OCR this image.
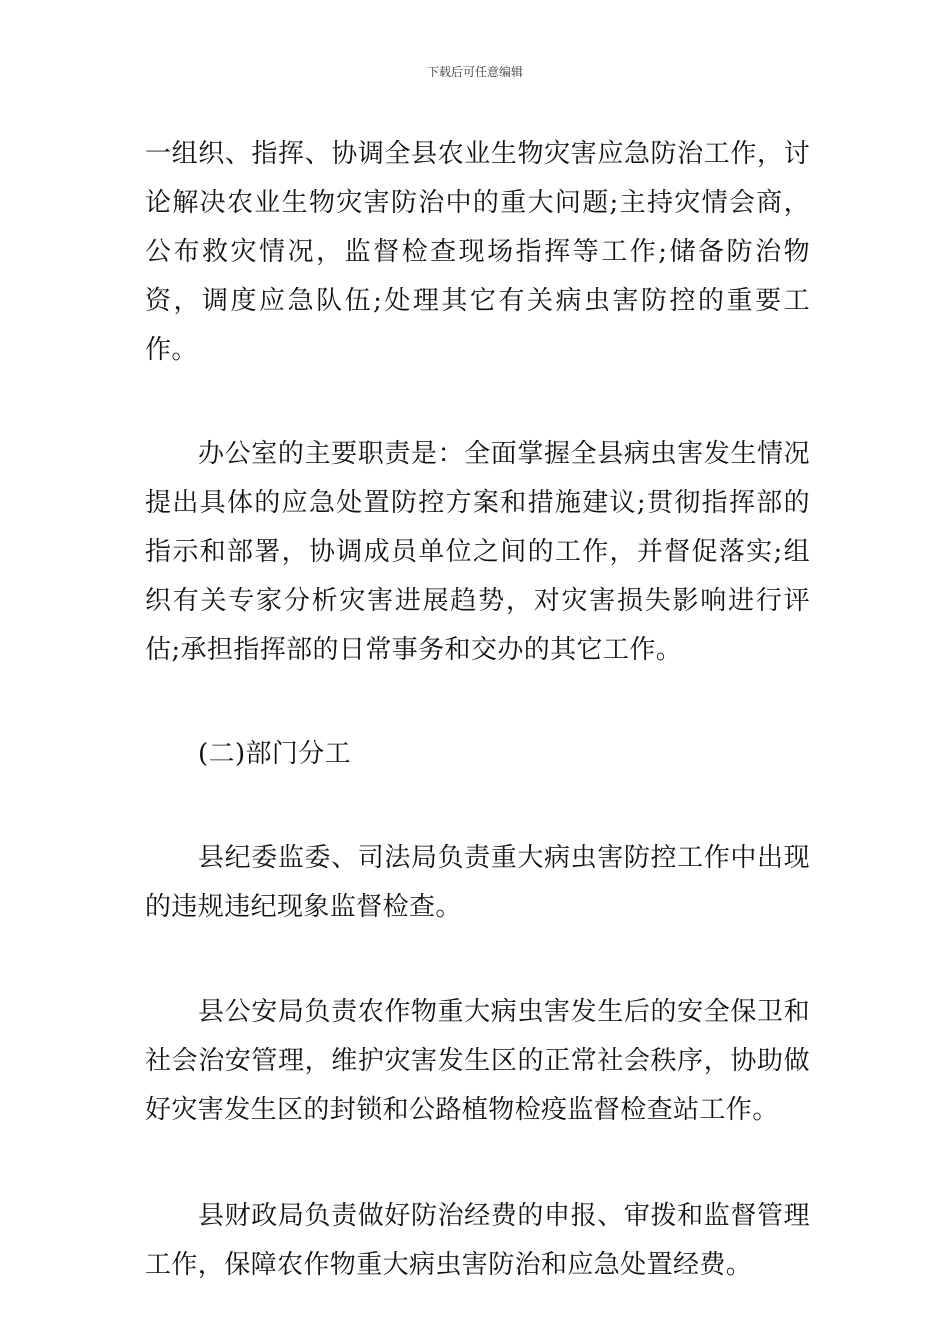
下载后可任意编辑

一组织、指挥、协调全县农业生物灾害应急防治工作，讨论解决农业生物灾害防治中的重大问题;主持灾情会商，公布救灾情况，监督检查现场指挥等工作;储备防治物资，调度应急队伍;处理其它有关病虫害防控的重要工作。

办公室的主要职责是：全面掌握全县病虫害发生情况提出具体的应急处置防控方案和措施建议;贯彻指挥部的指示和部署，协调成员单位之间的工作，并督促落实;组织有关专家分析灾害进展趋势，对灾害损失影响进行评估;承担指挥部的日常事务和交办的其它工作。

(二)部门分工

县纪委监委、司法局负责重大病虫害防控工作中出现的违规违纪现象监督检查。

县公安局负责农作物重大病虫害发生后的安全保卫和社会治安管理，维护灾害发生区的正常社会秩序，协助做好灾害发生区的封锁和公路植物检疫监督检查站工作。

县财政局负责做好防治经费的申报、审拨和监督管理工作，保障农作物重大病虫害防治和应急处置经费。
